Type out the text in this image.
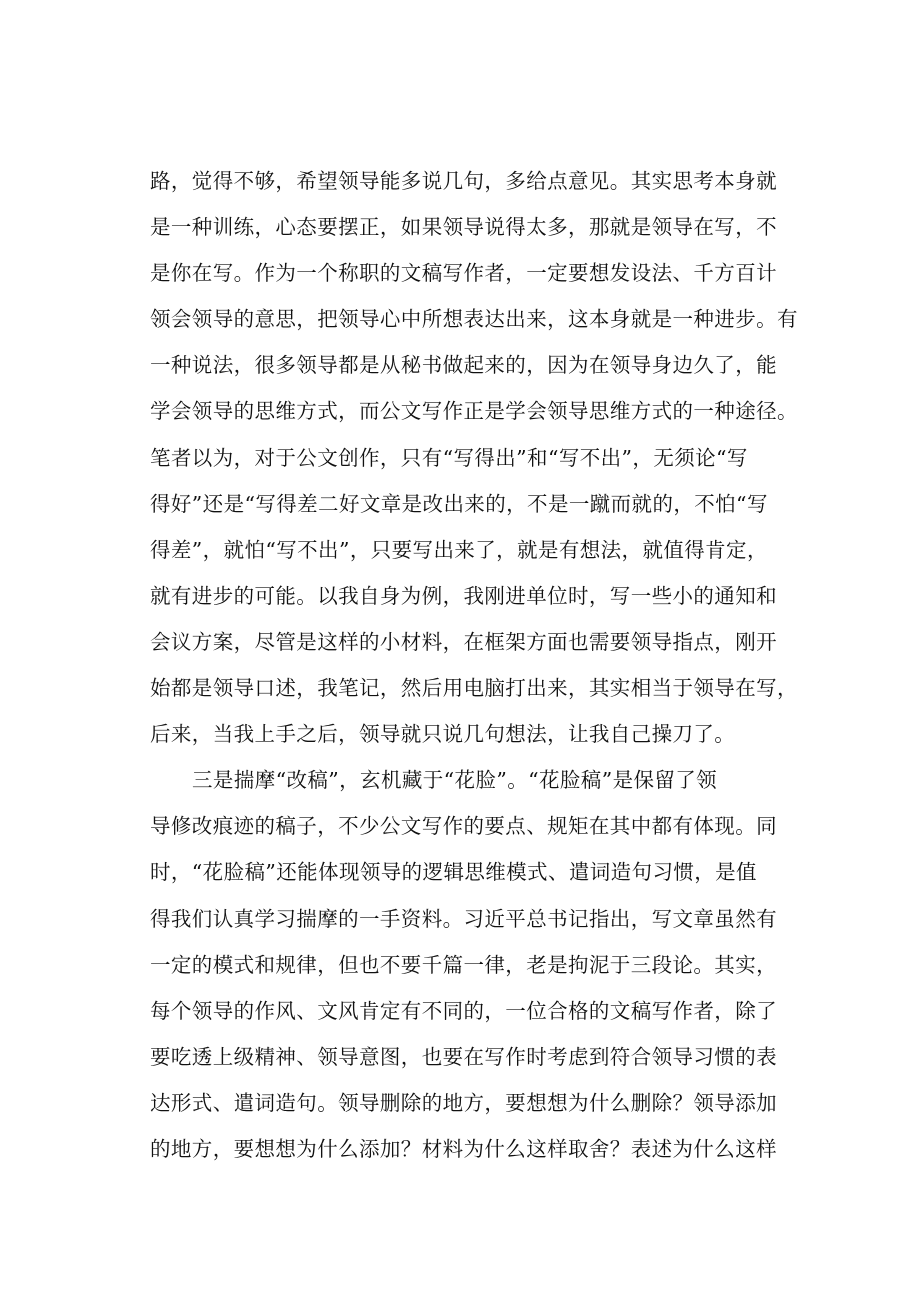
路，觉得不够，希望领导能多说几句，多给点意见。其实思考本身就
是一种训练，心态要摆正，如果领导说得太多，那就是领导在写，不
是你在写。作为一个称职的文稿写作者，一定要想发设法、千方百计
领会领导的意思，把领导心中所想表达出来，这本身就是一种进步。有
一种说法，很多领导都是从秘书做起来的，因为在领导身边久了，能
学会领导的思维方式，而公文写作正是学会领导思维方式的一种途径。
笔者以为，对于公文创作，只有“写得出”和“写不出”，无须论“写
得好”还是“写得差二好文章是改出来的，不是一蹴而就的，不怕“写
得差”，就怕“写不出”，只要写出来了，就是有想法，就值得肯定，
就有进步的可能。以我自身为例，我刚进单位时，写一些小的通知和
会议方案，尽管是这样的小材料，在框架方面也需要领导指点，刚开
始都是领导口述，我笔记，然后用电脑打出来，其实相当于领导在写，
后来，当我上手之后，领导就只说几句想法，让我自己操刀了。
三是揣摩“改稿”，玄机藏于“花脸”。“花脸稿”是保留了领
导修改痕迹的稿子，不少公文写作的要点、规矩在其中都有体现。同
时，“花脸稿”还能体现领导的逻辑思维模式、遣词造句习惯，是值
得我们认真学习揣摩的一手资料。习近平总书记指出，写文章虽然有
一定的模式和规律，但也不要千篇一律，老是拘泥于三段论。其实，
每个领导的作风、文风肯定有不同的，一位合格的文稿写作者，除了
要吃透上级精神、领导意图，也要在写作时考虑到符合领导习惯的表
达形式、遣词造句。领导删除的地方，要想想为什么删除？领导添加
的地方，要想想为什么添加？材料为什么这样取舍？表述为什么这样
